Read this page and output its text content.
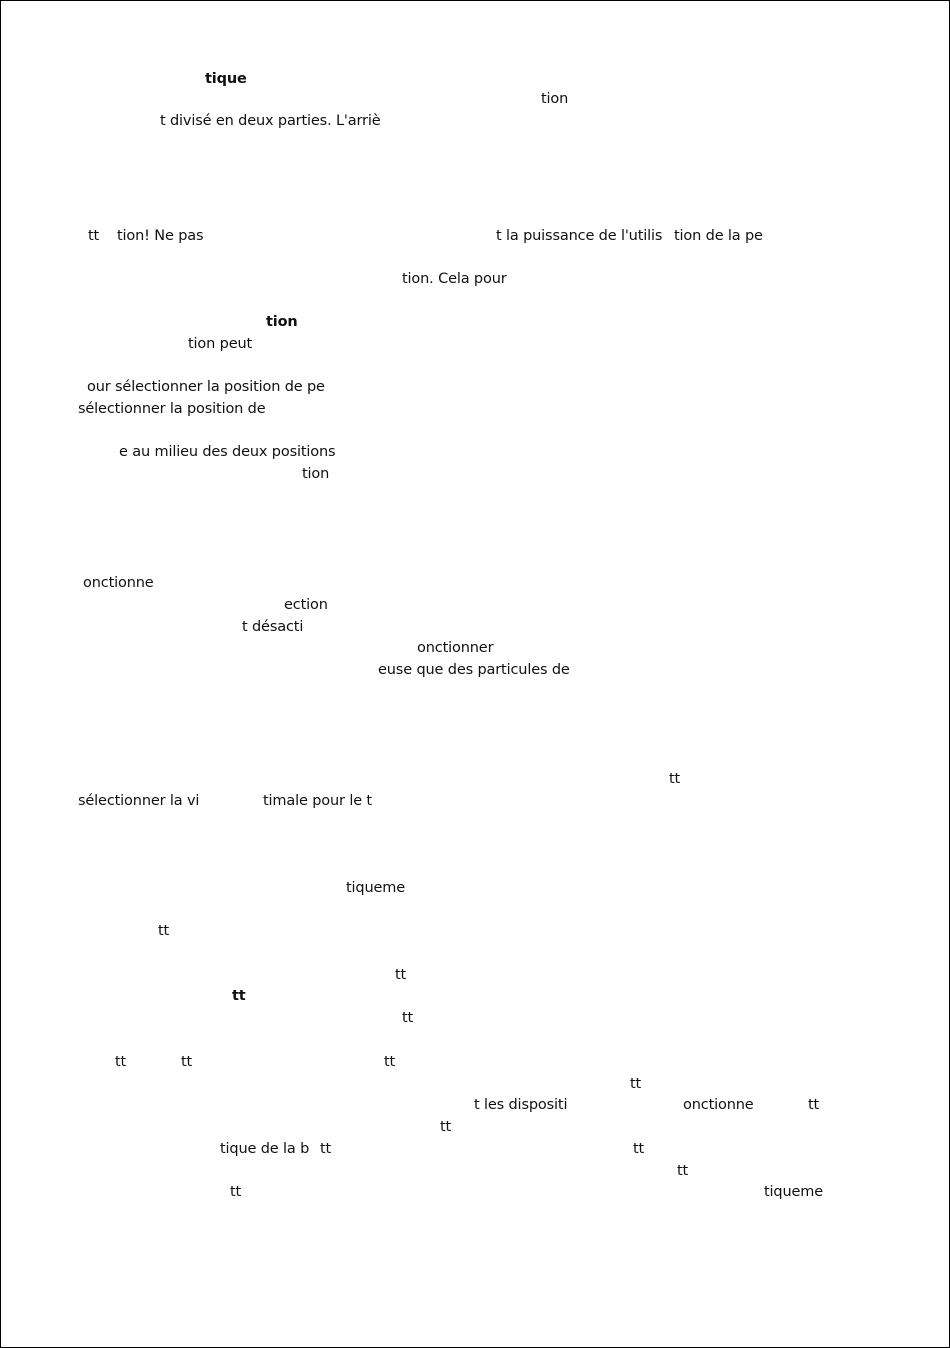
tique
tion
t divisé en deux parties. L'arriè
tt tion! Ne pas	t la puissance de l'utilis tion de la pe
tion. Cela pour
tion
tion peut
our sélectionner la position de pe
sélectionner la position de
e au milieu des deux positions
tion
onctionne
ection
t désacti
onctionner
euse que des particules de
tt
sélectionner la vi	timale pour le t
tiqueme
tt
tt
tt
tt
tt	tt	tt
tt
t les dispositi	onctionne	tt
tt
tique de la b tt	tt
tt
tt	tiqueme
